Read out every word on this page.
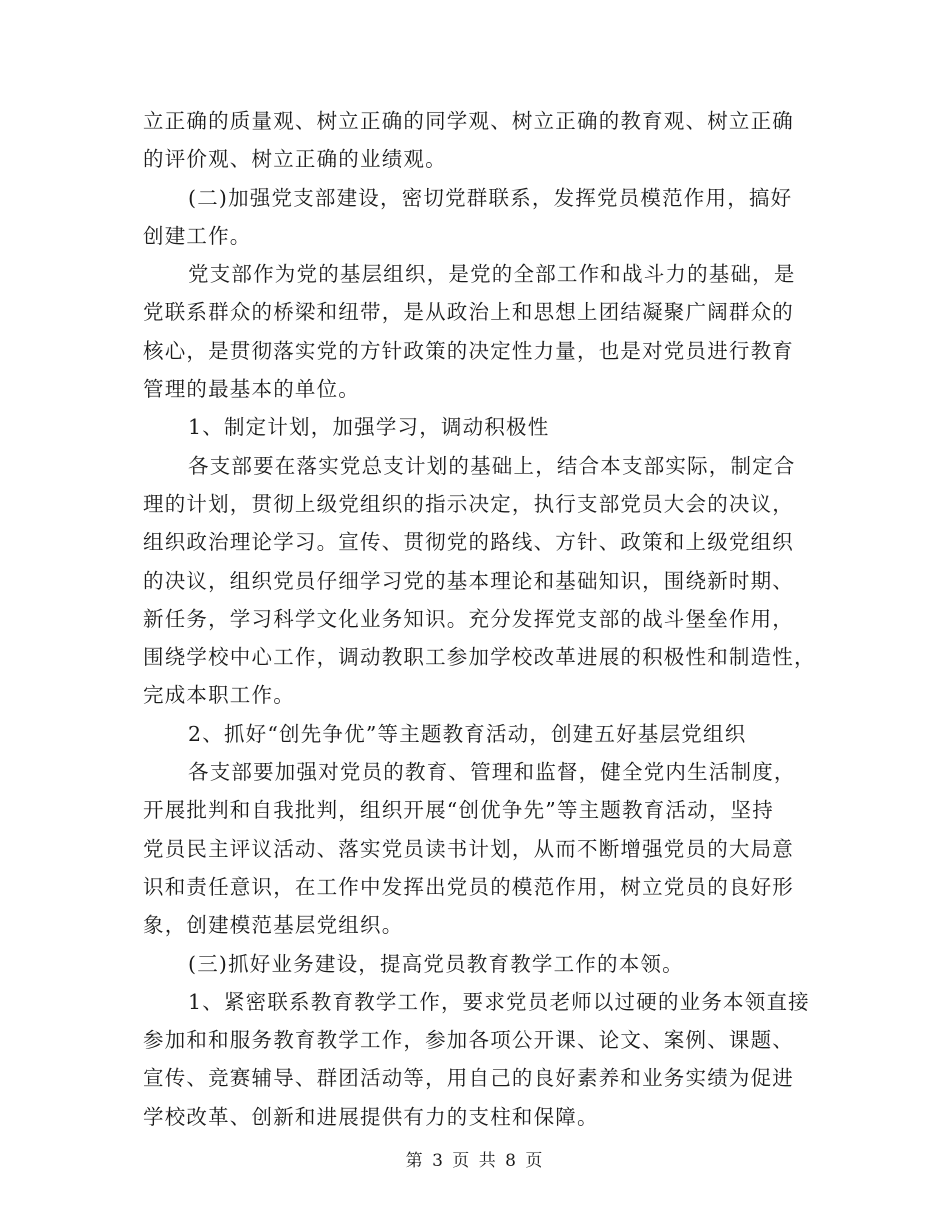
立正确的质量观、树立正确的同学观、树立正确的教育观、树立正确
的评价观、树立正确的业绩观。
(二)加强党支部建设，密切党群联系，发挥党员模范作用，搞好
创建工作。
党支部作为党的基层组织，是党的全部工作和战斗力的基础，是
党联系群众的桥梁和纽带，是从政治上和思想上团结凝聚广阔群众的
核心，是贯彻落实党的方针政策的决定性力量，也是对党员进行教育
管理的最基本的单位。
1、制定计划，加强学习，调动积极性
各支部要在落实党总支计划的基础上，结合本支部实际，制定合
理的计划，贯彻上级党组织的指示决定，执行支部党员大会的决议，
组织政治理论学习。宣传、贯彻党的路线、方针、政策和上级党组织
的决议，组织党员仔细学习党的基本理论和基础知识，围绕新时期、
新任务，学习科学文化业务知识。充分发挥党支部的战斗堡垒作用，
围绕学校中心工作，调动教职工参加学校改革进展的积极性和制造性，
完成本职工作。
2、抓好“创先争优”等主题教育活动，创建五好基层党组织
各支部要加强对党员的教育、管理和监督，健全党内生活制度，
开展批判和自我批判，组织开展“创优争先”等主题教育活动，坚持
党员民主评议活动、落实党员读书计划，从而不断增强党员的大局意
识和责任意识，在工作中发挥出党员的模范作用，树立党员的良好形
象，创建模范基层党组织。
(三)抓好业务建设，提高党员教育教学工作的本领。
1、紧密联系教育教学工作，要求党员老师以过硬的业务本领直接
参加和和服务教育教学工作，参加各项公开课、论文、案例、课题、
宣传、竞赛辅导、群团活动等，用自己的良好素养和业务实绩为促进
学校改革、创新和进展提供有力的支柱和保障。
第 3 页 共 8 页
